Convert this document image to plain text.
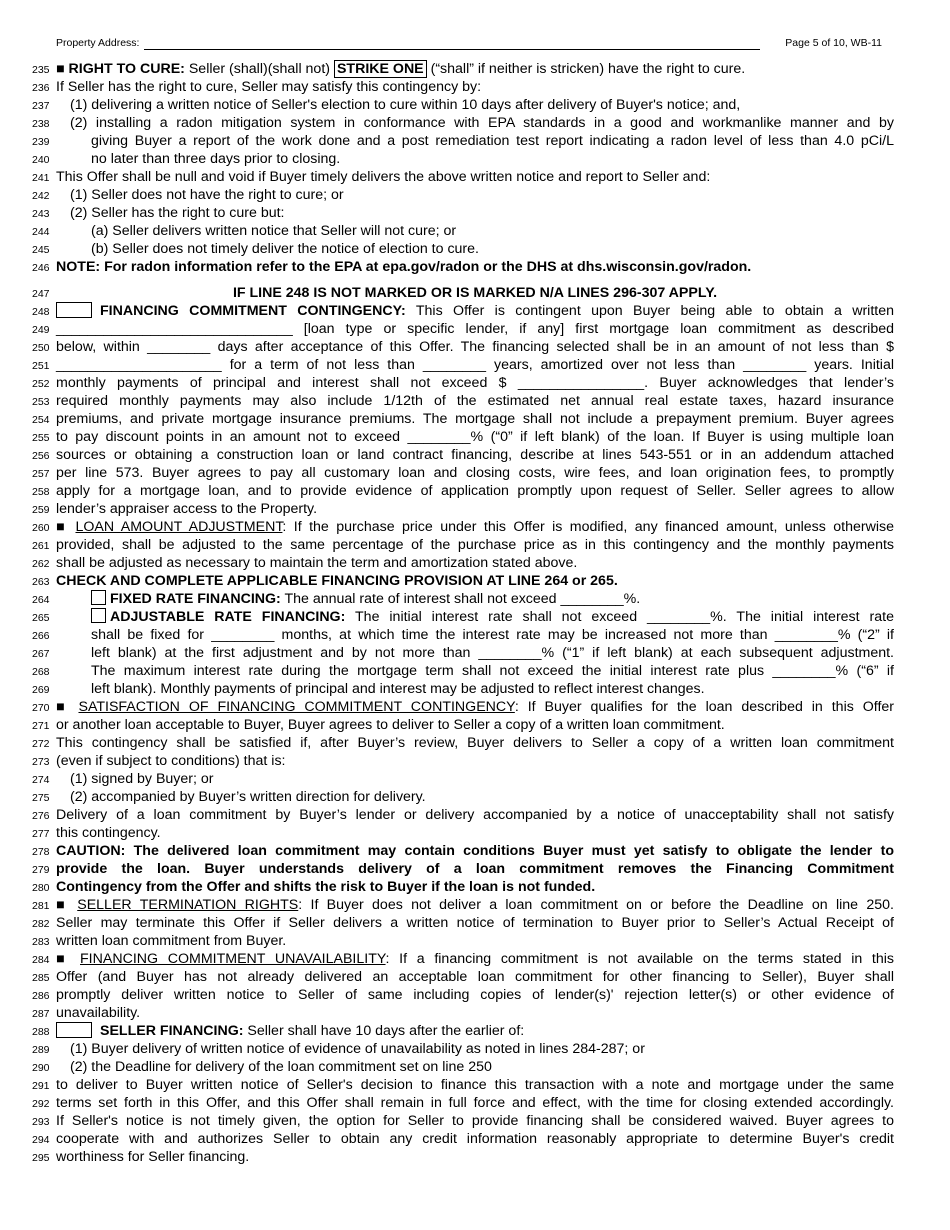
Property Address:	Page 5 of 10, WB-11
235 ■ RIGHT TO CURE: Seller (shall)(shall not) STRIKE ONE (“shall” if neither is stricken) have the right to cure.
236 If Seller has the right to cure, Seller may satisfy this contingency by:
237	(1) delivering a written notice of Seller's election to cure within 10 days after delivery of Buyer's notice; and,
238	(2) installing a radon mitigation system in conformance with EPA standards in a good and workmanlike manner and by
239	giving Buyer a report of the work done and a post remediation test report indicating a radon level of less than 4.0 pCi/L
240	no later than three days prior to closing.
241 This Offer shall be null and void if Buyer timely delivers the above written notice and report to Seller and:
242	(1) Seller does not have the right to cure; or
243	(2) Seller has the right to cure but:
244	(a) Seller delivers written notice that Seller will not cure; or
245	(b) Seller does not timely deliver the notice of election to cure.
246 NOTE: For radon information refer to the EPA at epa.gov/radon or the DHS at dhs.wisconsin.gov/radon.
247	IF LINE 248 IS NOT MARKED OR IS MARKED N/A LINES 296-307 APPLY.
248	FINANCING COMMITMENT CONTINGENCY: This Offer is contingent upon Buyer being able to obtain a written
249 ______________________________ [loan type or specific lender, if any] first mortgage loan commitment as described
250 below, within ________ days after acceptance of this Offer. The financing selected shall be in an amount of not less than $
251 _____________________ for a term of not less than ________ years, amortized over not less than ________ years. Initial
252 monthly payments of principal and interest shall not exceed $ ________________. Buyer acknowledges that lender’s
253 required monthly payments may also include 1/12th of the estimated net annual real estate taxes, hazard insurance
254 premiums, and private mortgage insurance premiums. The mortgage shall not include a prepayment premium. Buyer agrees
255 to pay discount points in an amount not to exceed ________% (“0” if left blank) of the loan. If Buyer is using multiple loan
256 sources or obtaining a construction loan or land contract financing, describe at lines 543-551 or in an addendum attached
257 per line 573. Buyer agrees to pay all customary loan and closing costs, wire fees, and loan origination fees, to promptly
258 apply for a mortgage loan, and to provide evidence of application promptly upon request of Seller. Seller agrees to allow
259 lender’s appraiser access to the Property.
260 ■ LOAN AMOUNT ADJUSTMENT: If the purchase price under this Offer is modified, any financed amount, unless otherwise
261 provided, shall be adjusted to the same percentage of the purchase price as in this contingency and the monthly payments
262 shall be adjusted as necessary to maintain the term and amortization stated above.
263 CHECK AND COMPLETE APPLICABLE FINANCING PROVISION AT LINE 264 or 265.
264	FIXED RATE FINANCING: The annual rate of interest shall not exceed ________%.
265	ADJUSTABLE RATE FINANCING: The initial interest rate shall not exceed ________%. The initial interest rate
266	shall be fixed for ________ months, at which time the interest rate may be increased not more than ________% (“2” if
267	left blank) at the first adjustment and by not more than ________% (“1” if left blank) at each subsequent adjustment.
268	The maximum interest rate during the mortgage term shall not exceed the initial interest rate plus ________% (“6” if
269	left blank). Monthly payments of principal and interest may be adjusted to reflect interest changes.
270 ■ SATISFACTION OF FINANCING COMMITMENT CONTINGENCY: If Buyer qualifies for the loan described in this Offer
271 or another loan acceptable to Buyer, Buyer agrees to deliver to Seller a copy of a written loan commitment.
272 This contingency shall be satisfied if, after Buyer’s review, Buyer delivers to Seller a copy of a written loan commitment
273 (even if subject to conditions) that is:
274	(1) signed by Buyer; or
275	(2) accompanied by Buyer’s written direction for delivery.
276 Delivery of a loan commitment by Buyer’s lender or delivery accompanied by a notice of unacceptability shall not satisfy
277 this contingency.
278 CAUTION: The delivered loan commitment may contain conditions Buyer must yet satisfy to obligate the lender to
279 provide the loan. Buyer understands delivery of a loan commitment removes the Financing Commitment
280 Contingency from the Offer and shifts the risk to Buyer if the loan is not funded.
281 ■ SELLER TERMINATION RIGHTS: If Buyer does not deliver a loan commitment on or before the Deadline on line 250.
282 Seller may terminate this Offer if Seller delivers a written notice of termination to Buyer prior to Seller’s Actual Receipt of
283 written loan commitment from Buyer.
284 ■ FINANCING COMMITMENT UNAVAILABILITY: If a financing commitment is not available on the terms stated in this
285 Offer (and Buyer has not already delivered an acceptable loan commitment for other financing to Seller), Buyer shall
286 promptly deliver written notice to Seller of same including copies of lender(s)' rejection letter(s) or other evidence of
287 unavailability.
288	SELLER FINANCING: Seller shall have 10 days after the earlier of:
289	(1) Buyer delivery of written notice of evidence of unavailability as noted in lines 284-287; or
290	(2) the Deadline for delivery of the loan commitment set on line 250
291 to deliver to Buyer written notice of Seller's decision to finance this transaction with a note and mortgage under the same
292 terms set forth in this Offer, and this Offer shall remain in full force and effect, with the time for closing extended accordingly.
293 If Seller's notice is not timely given, the option for Seller to provide financing shall be considered waived. Buyer agrees to
294 cooperate with and authorizes Seller to obtain any credit information reasonably appropriate to determine Buyer's credit
295 worthiness for Seller financing.
